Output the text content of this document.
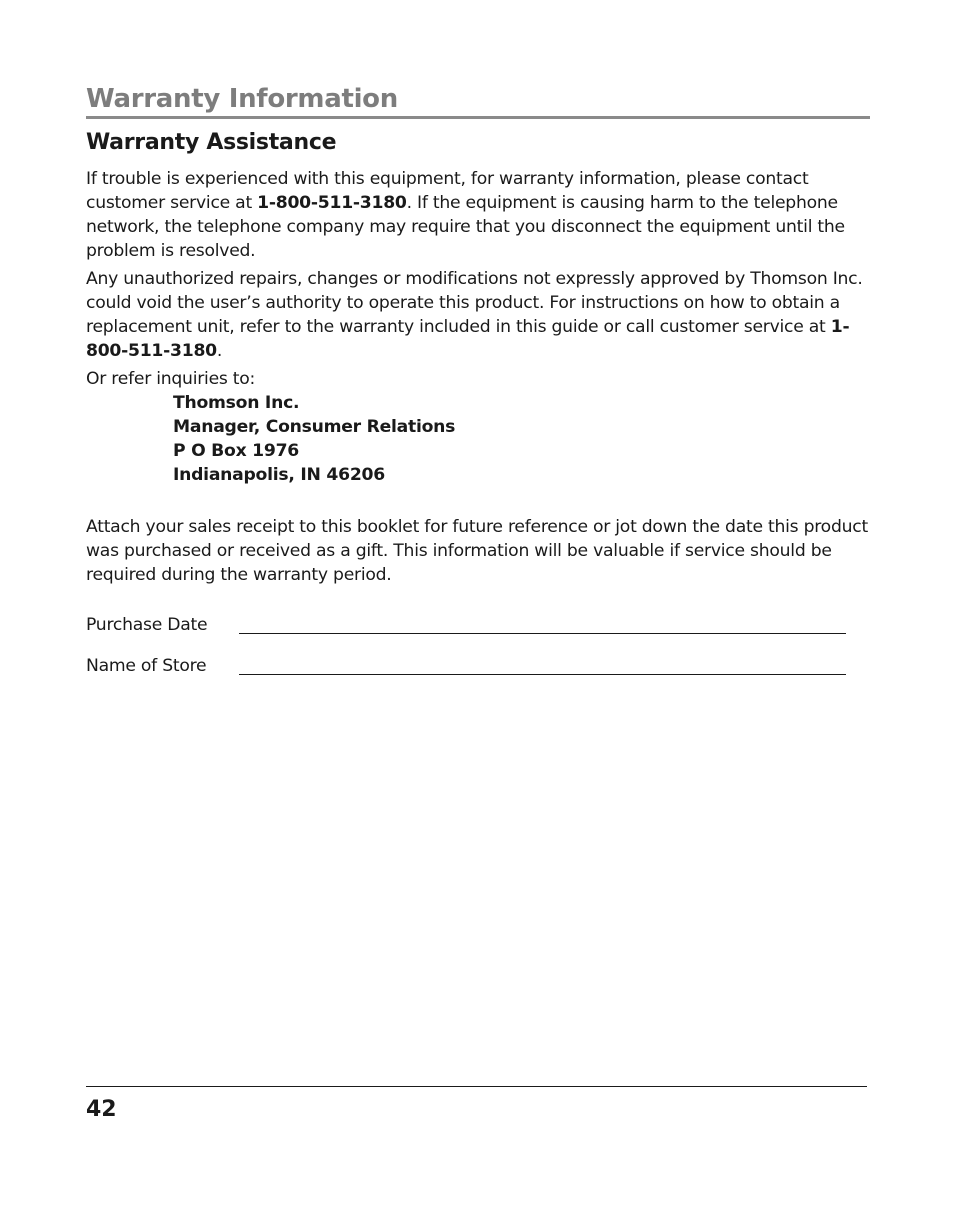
Warranty Information
Warranty Assistance

If trouble is experienced with this equipment, for warranty information, please contact customer service at 1-800-511-3180. If the equipment is causing harm to the telephone network, the telephone company may require that you disconnect the equipment until the problem is resolved.

Any unauthorized repairs, changes or modifications not expressly approved by Thomson Inc. could void the user’s authority to operate this product. For instructions on how to obtain a replacement unit, refer to the warranty included in this guide or call customer service at 1-800-511-3180.

Or refer inquiries to:

Thomson Inc.
Manager, Consumer Relations
P O Box 1976
Indianapolis, IN 46206

Attach your sales receipt to this booklet for future reference or jot down the date this product was purchased or received as a gift. This information will be valuable if service should be required during the warranty period.

Purchase Date
Name of Store
42
